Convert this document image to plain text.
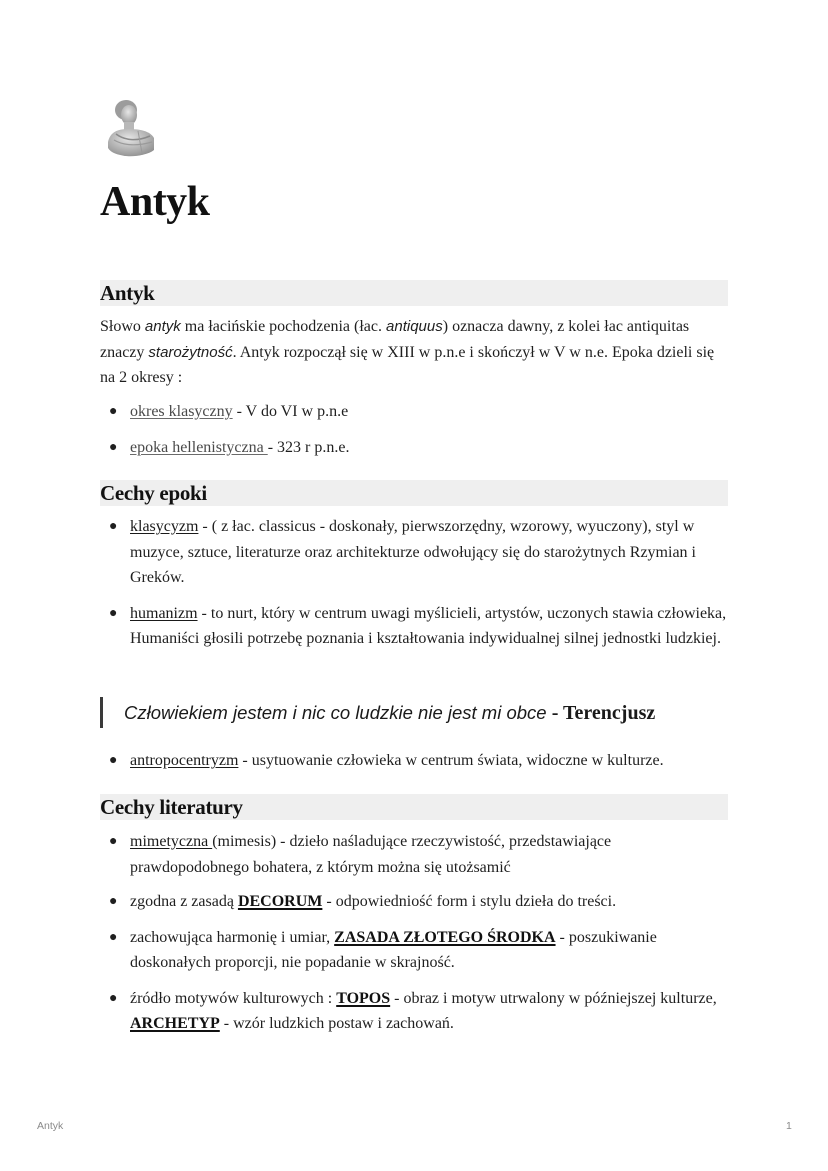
Antyk
Antyk

Słowo antyk ma łacińskie pochodzenia (łac. antiquus) oznacza dawny, z kolei łac antiquitas znaczy starożytność. Antyk rozpoczął się w XIII w p.n.e i skończył w V w n.e. Epoka dzieli się na 2 okresy :

● okres klasyczny - V do VI w p.n.e
● epoka hellenistyczna - 323 r p.n.e.
Cechy epoki
● klasycyzm - ( z łac. classicus - doskonały, pierwszorzędny, wzorowy, wyuczony), styl w muzyce, sztuce, literaturze oraz architekturze odwołujący się do starożytnych Rzymian i Greków.
● humanizm - to nurt, który w centrum uwagi myślicieli, artystów, uczonych stawia człowieka, Humaniści głosili potrzebę poznania i kształtowania indywidualnej silnej jednostki ludzkiej.
Człowiekiem jestem i nic co ludzkie nie jest mi obce - Terencjusz
● antropocentryzm - usytuowanie człowieka w centrum świata, widoczne w kulturze.
Cechy literatury
● mimetyczna (mimesis) - dzieło naśladujące rzeczywistość, przedstawiające prawdopodobnego bohatera, z którym można się utożsamić
● zgodna z zasadą DECORUM - odpowiedniość form i stylu dzieła do treści.
● zachowująca harmonię i umiar, ZASADA ZŁOTEGO ŚRODKA - poszukiwanie doskonałych proporcji, nie popadanie w skrajność.
● źródło motywów kulturowych : TOPOS - obraz i motyw utrwalony w późniejszej kulturze, ARCHETYP - wzór ludzkich postaw i zachowań.
Antyk	1
